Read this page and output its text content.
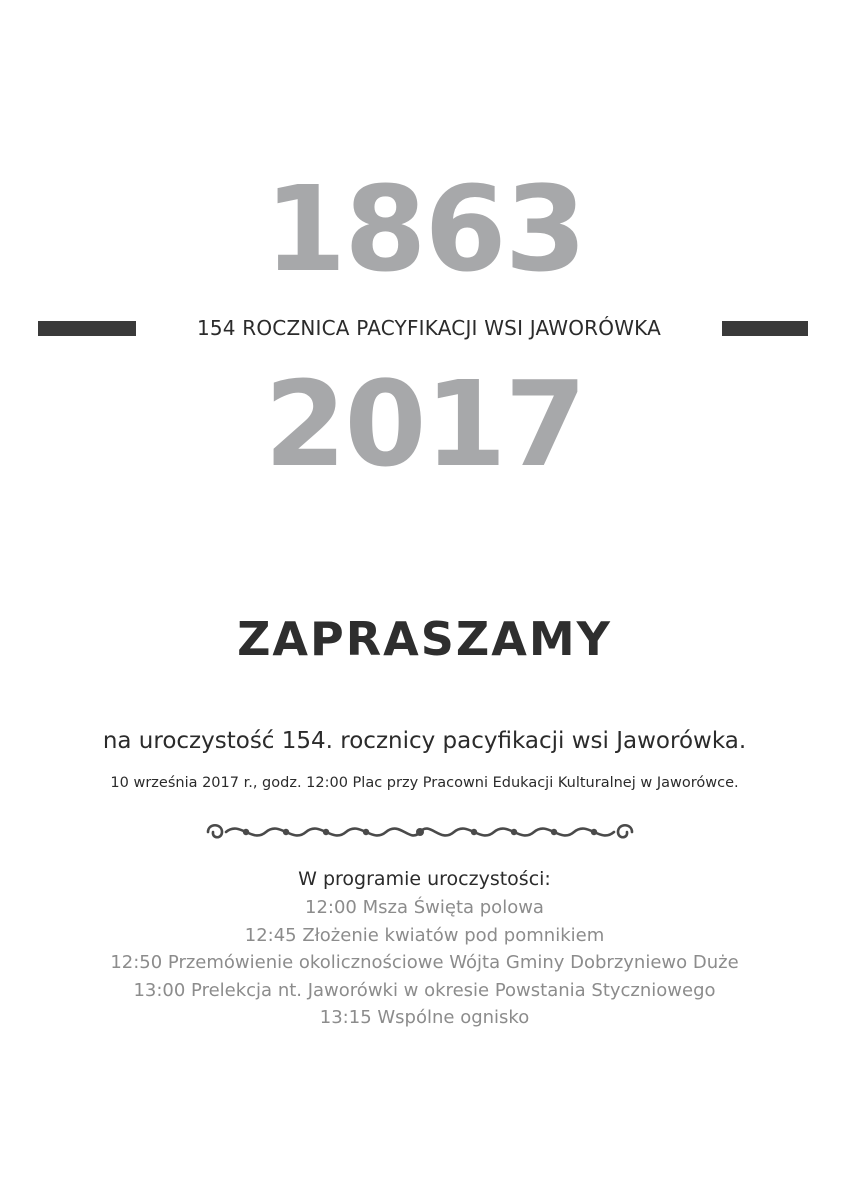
1863
154 ROCZNICA PACYFIKACJI WSI JAWORÓWKA
2017
ZAPRASZAMY
na uroczystość 154. rocznicy pacyfikacji wsi Jaworówka.
10 września 2017 r., godz. 12:00 Plac przy Pracowni Edukacji Kulturalnej w Jaworówce.
W programie uroczystości:
12:00 Msza Święta polowa
12:45 Złożenie kwiatów pod pomnikiem
12:50 Przemówienie okolicznościowe Wójta Gminy Dobrzyniewo Duże
13:00 Prelekcja nt. Jaworówki w okresie Powstania Styczniowego
13:15 Wspólne ognisko
